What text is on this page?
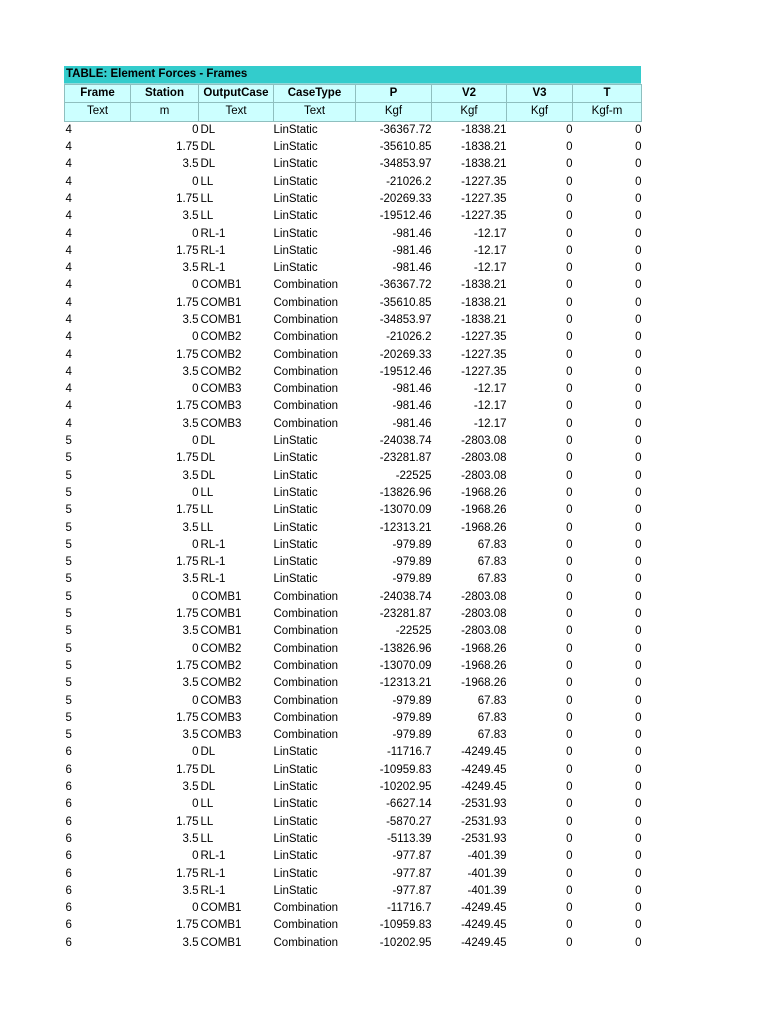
TABLE: Element Forces - Frames
Frame	Station	OutputCase	CaseType	P	V2	V3	T
Text	m	Text	Text	Kgf	Kgf	Kgf	Kgf-m
4	0	DL	LinStatic	-36367.72	-1838.21	0	0
4	1.75	DL	LinStatic	-35610.85	-1838.21	0	0
4	3.5	DL	LinStatic	-34853.97	-1838.21	0	0
4	0	LL	LinStatic	-21026.2	-1227.35	0	0
4	1.75	LL	LinStatic	-20269.33	-1227.35	0	0
4	3.5	LL	LinStatic	-19512.46	-1227.35	0	0
4	0	RL-1	LinStatic	-981.46	-12.17	0	0
4	1.75	RL-1	LinStatic	-981.46	-12.17	0	0
4	3.5	RL-1	LinStatic	-981.46	-12.17	0	0
4	0	COMB1	Combination	-36367.72	-1838.21	0	0
4	1.75	COMB1	Combination	-35610.85	-1838.21	0	0
4	3.5	COMB1	Combination	-34853.97	-1838.21	0	0
4	0	COMB2	Combination	-21026.2	-1227.35	0	0
4	1.75	COMB2	Combination	-20269.33	-1227.35	0	0
4	3.5	COMB2	Combination	-19512.46	-1227.35	0	0
4	0	COMB3	Combination	-981.46	-12.17	0	0
4	1.75	COMB3	Combination	-981.46	-12.17	0	0
4	3.5	COMB3	Combination	-981.46	-12.17	0	0
5	0	DL	LinStatic	-24038.74	-2803.08	0	0
5	1.75	DL	LinStatic	-23281.87	-2803.08	0	0
5	3.5	DL	LinStatic	-22525	-2803.08	0	0
5	0	LL	LinStatic	-13826.96	-1968.26	0	0
5	1.75	LL	LinStatic	-13070.09	-1968.26	0	0
5	3.5	LL	LinStatic	-12313.21	-1968.26	0	0
5	0	RL-1	LinStatic	-979.89	67.83	0	0
5	1.75	RL-1	LinStatic	-979.89	67.83	0	0
5	3.5	RL-1	LinStatic	-979.89	67.83	0	0
5	0	COMB1	Combination	-24038.74	-2803.08	0	0
5	1.75	COMB1	Combination	-23281.87	-2803.08	0	0
5	3.5	COMB1	Combination	-22525	-2803.08	0	0
5	0	COMB2	Combination	-13826.96	-1968.26	0	0
5	1.75	COMB2	Combination	-13070.09	-1968.26	0	0
5	3.5	COMB2	Combination	-12313.21	-1968.26	0	0
5	0	COMB3	Combination	-979.89	67.83	0	0
5	1.75	COMB3	Combination	-979.89	67.83	0	0
5	3.5	COMB3	Combination	-979.89	67.83	0	0
6	0	DL	LinStatic	-11716.7	-4249.45	0	0
6	1.75	DL	LinStatic	-10959.83	-4249.45	0	0
6	3.5	DL	LinStatic	-10202.95	-4249.45	0	0
6	0	LL	LinStatic	-6627.14	-2531.93	0	0
6	1.75	LL	LinStatic	-5870.27	-2531.93	0	0
6	3.5	LL	LinStatic	-5113.39	-2531.93	0	0
6	0	RL-1	LinStatic	-977.87	-401.39	0	0
6	1.75	RL-1	LinStatic	-977.87	-401.39	0	0
6	3.5	RL-1	LinStatic	-977.87	-401.39	0	0
6	0	COMB1	Combination	-11716.7	-4249.45	0	0
6	1.75	COMB1	Combination	-10959.83	-4249.45	0	0
6	3.5	COMB1	Combination	-10202.95	-4249.45	0	0
